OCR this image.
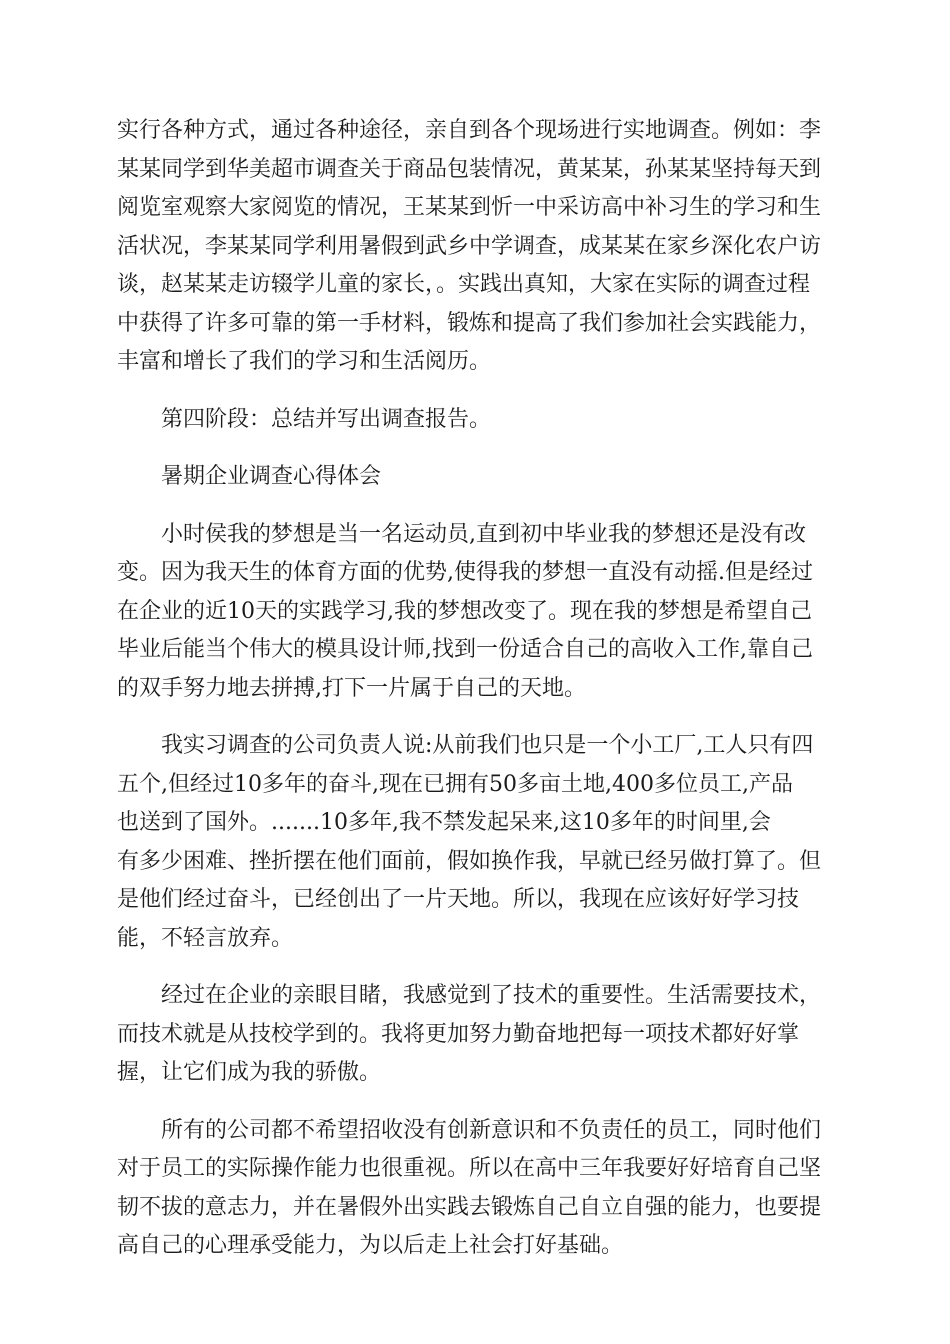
实行各种方式，通过各种途径，亲自到各个现场进行实地调查。例如：李
某某同学到华美超市调查关于商品包装情况，黄某某，孙某某坚持每天到
阅览室观察大家阅览的情况，王某某到忻一中采访高中补习生的学习和生
活状况，李某某同学利用暑假到武乡中学调查，成某某在家乡深化农户访
谈，赵某某走访辍学儿童的家长，。实践出真知，大家在实际的调查过程
中获得了许多可靠的第一手材料，锻炼和提高了我们参加社会实践能力，
丰富和增长了我们的学习和生活阅历。
　　第四阶段：总结并写出调查报告。
　　暑期企业调查心得体会
　　小时侯我的梦想是当一名运动员,直到初中毕业我的梦想还是没有改
变。因为我天生的体育方面的优势,使得我的梦想一直没有动摇.但是经过
在企业的近10天的实践学习,我的梦想改变了。现在我的梦想是希望自己
毕业后能当个伟大的模具设计师,找到一份适合自己的高收入工作,靠自己
的双手努力地去拼搏,打下一片属于自己的天地。
　　我实习调查的公司负责人说:从前我们也只是一个小工厂,工人只有四
五个,但经过10多年的奋斗,现在已拥有50多亩土地,400多位员工,产品
也送到了国外。.......10多年,我不禁发起呆来,这10多年的时间里,会
有多少困难、挫折摆在他们面前，假如换作我，早就已经另做打算了。但
是他们经过奋斗，已经创出了一片天地。所以，我现在应该好好学习技
能，不轻言放弃。
　　经过在企业的亲眼目睹，我感觉到了技术的重要性。生活需要技术，
而技术就是从技校学到的。我将更加努力勤奋地把每一项技术都好好掌
握，让它们成为我的骄傲。
　　所有的公司都不希望招收没有创新意识和不负责任的员工，同时他们
对于员工的实际操作能力也很重视。所以在高中三年我要好好培育自己坚
韧不拔的意志力，并在暑假外出实践去锻炼自己自立自强的能力，也要提
高自己的心理承受能力，为以后走上社会打好基础。
